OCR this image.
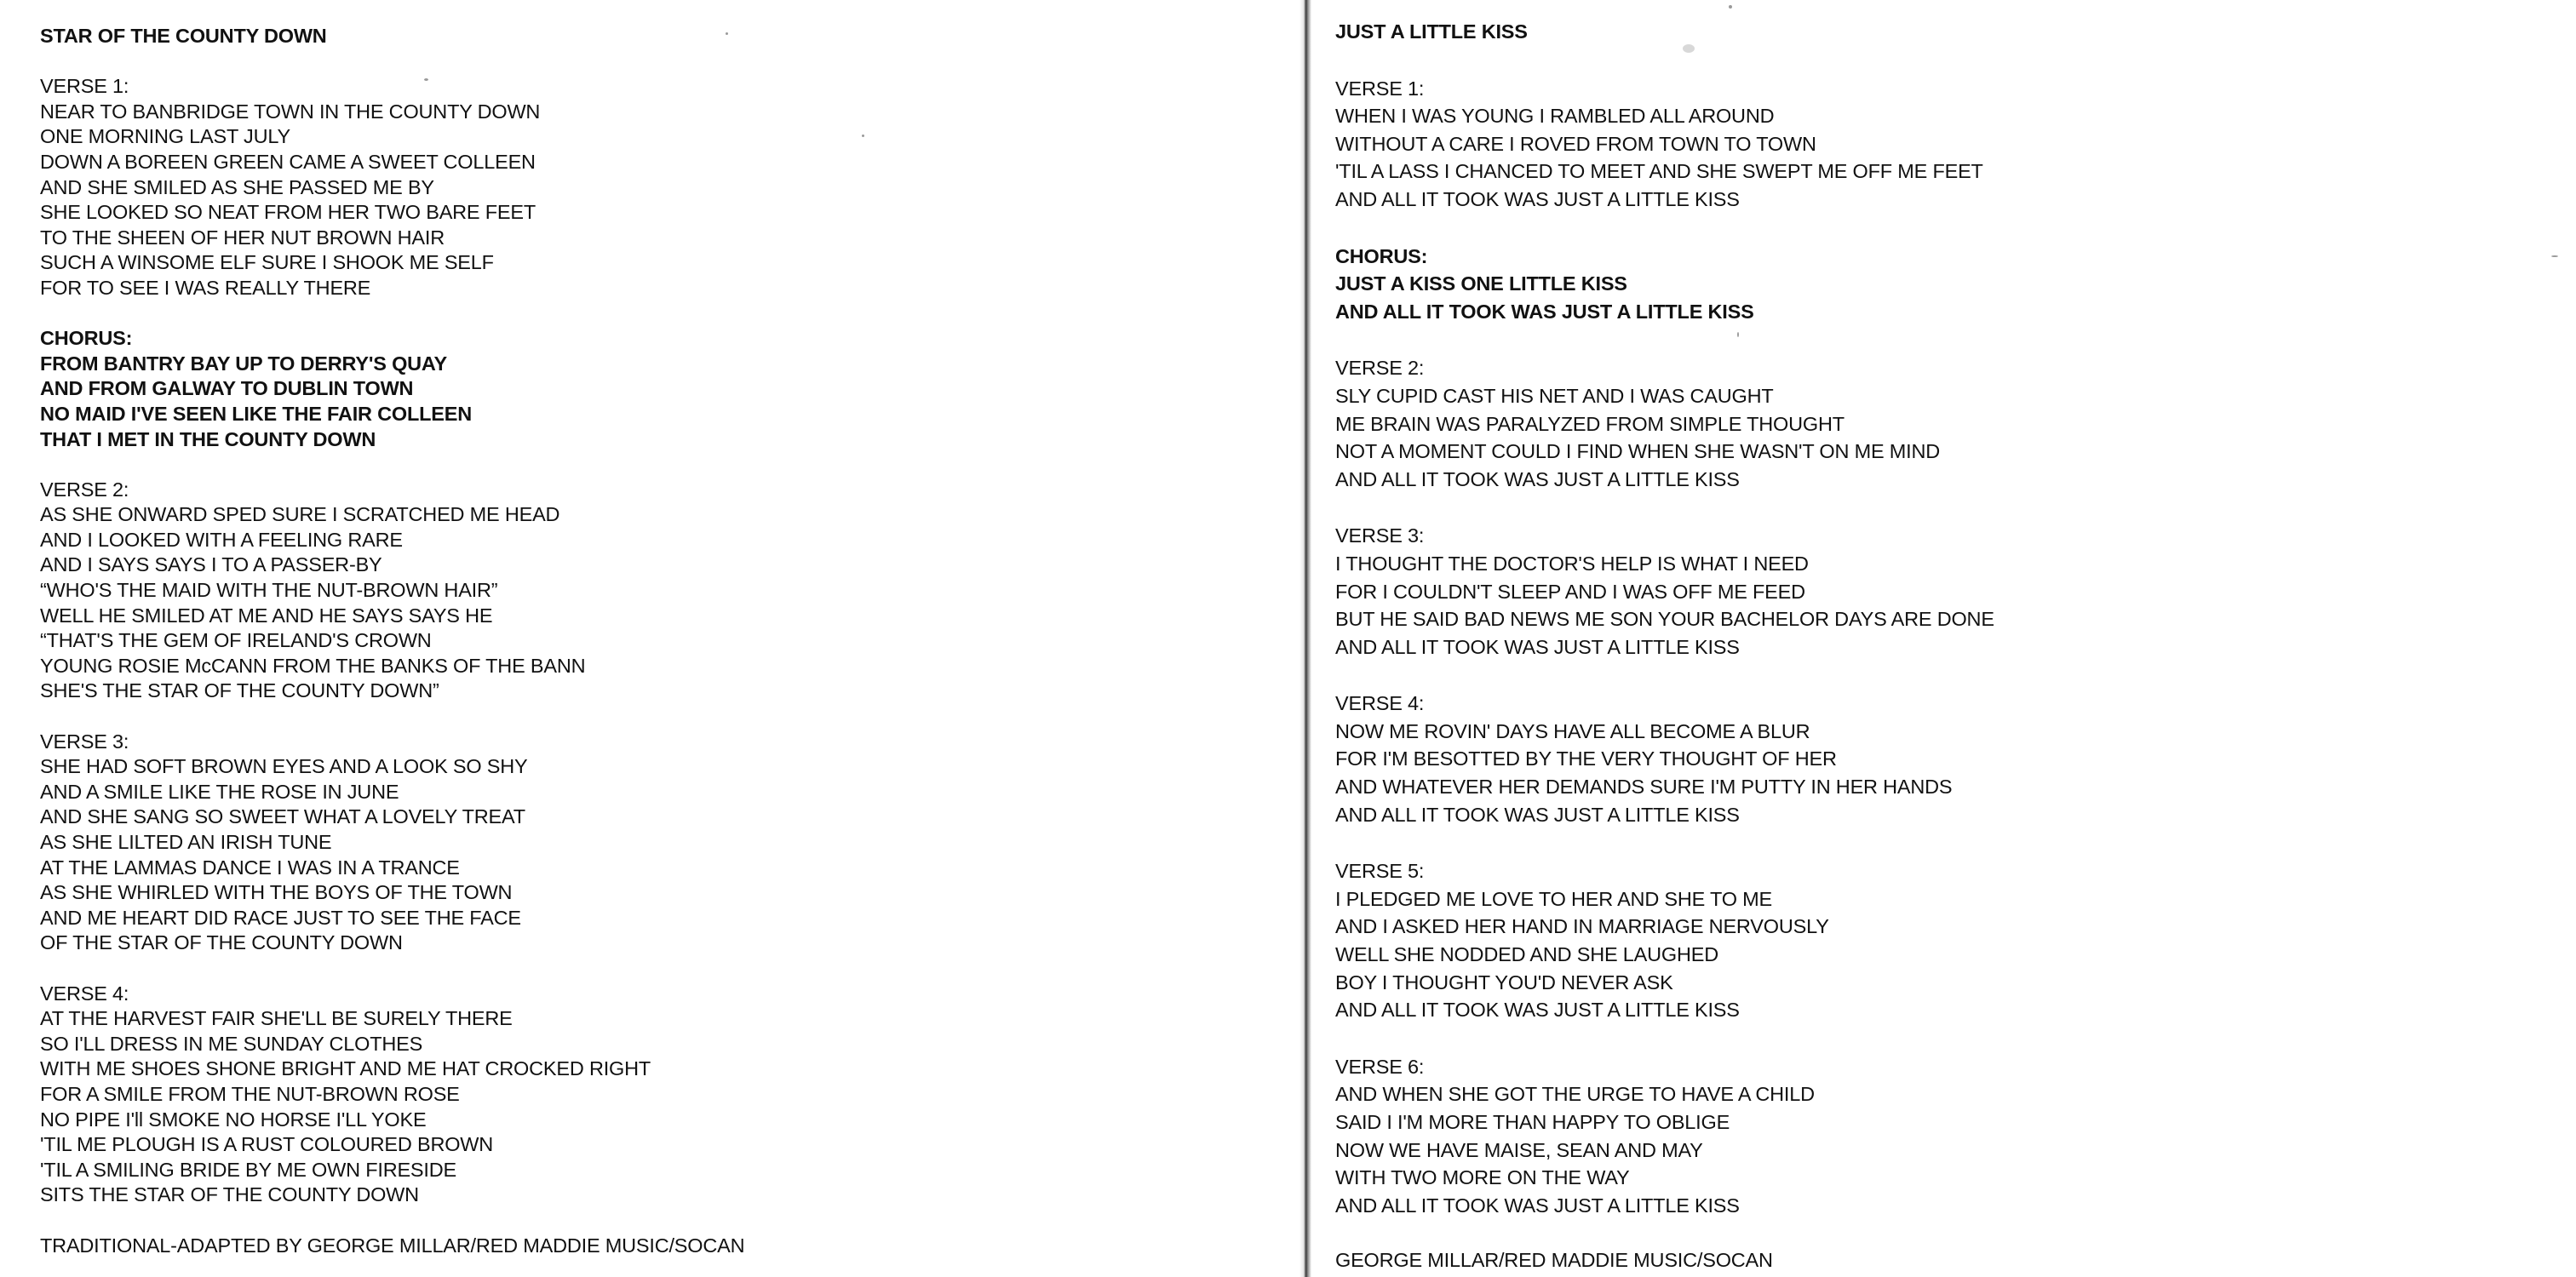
STAR OF THE COUNTY DOWN
VERSE 1:
NEAR TO BANBRIDGE TOWN IN THE COUNTY DOWN
ONE MORNING LAST JULY
DOWN A BOREEN GREEN CAME A SWEET COLLEEN
AND SHE SMILED AS SHE PASSED ME BY
SHE LOOKED SO NEAT FROM HER TWO BARE FEET
TO THE SHEEN OF HER NUT BROWN HAIR
SUCH A WINSOME ELF SURE I SHOOK ME SELF
FOR TO SEE I WAS REALLY THERE
CHORUS:
FROM BANTRY BAY UP TO DERRY'S QUAY
AND FROM GALWAY TO DUBLIN TOWN
NO MAID I'VE SEEN LIKE THE FAIR COLLEEN
THAT I MET IN THE COUNTY DOWN
VERSE 2:
AS SHE ONWARD SPED SURE I SCRATCHED ME HEAD
AND I LOOKED WITH A FEELING RARE
AND I SAYS SAYS I TO A PASSER-BY
“WHO'S THE MAID WITH THE NUT-BROWN HAIR”
WELL HE SMILED AT ME AND HE SAYS SAYS HE
“THAT'S THE GEM OF IRELAND'S CROWN
YOUNG ROSIE McCANN FROM THE BANKS OF THE BANN
SHE'S THE STAR OF THE COUNTY DOWN”
VERSE 3:
SHE HAD SOFT BROWN EYES AND A LOOK SO SHY
AND A SMILE LIKE THE ROSE IN JUNE
AND SHE SANG SO SWEET WHAT A LOVELY TREAT
AS SHE LILTED AN IRISH TUNE
AT THE LAMMAS DANCE I WAS IN A TRANCE
AS SHE WHIRLED WITH THE BOYS OF THE TOWN
AND ME HEART DID RACE JUST TO SEE THE FACE
OF THE STAR OF THE COUNTY DOWN
VERSE 4:
AT THE HARVEST FAIR SHE'LL BE SURELY THERE
SO I'LL DRESS IN ME SUNDAY CLOTHES
WITH ME SHOES SHONE BRIGHT AND ME HAT CROCKED RIGHT
FOR A SMILE FROM THE NUT-BROWN ROSE
NO PIPE I'll SMOKE NO HORSE I'LL YOKE
'TIL ME PLOUGH IS A RUST COLOURED BROWN
'TIL A SMILING BRIDE BY ME OWN FIRESIDE
SITS THE STAR OF THE COUNTY DOWN
TRADITIONAL-ADAPTED BY GEORGE MILLAR/RED MADDIE MUSIC/SOCAN
JUST A LITTLE KISS
VERSE 1:
WHEN I WAS YOUNG I RAMBLED ALL AROUND
WITHOUT A CARE I ROVED FROM TOWN TO TOWN
'TIL A LASS I CHANCED TO MEET AND SHE SWEPT ME OFF ME FEET
AND ALL IT TOOK WAS JUST A LITTLE KISS
CHORUS:
JUST A KISS ONE LITTLE KISS
AND ALL IT TOOK WAS JUST A LITTLE KISS
VERSE 2:
SLY CUPID CAST HIS NET AND I WAS CAUGHT
ME BRAIN WAS PARALYZED FROM SIMPLE THOUGHT
NOT A MOMENT COULD I FIND WHEN SHE WASN'T ON ME MIND
AND ALL IT TOOK WAS JUST A LITTLE KISS
VERSE 3:
I THOUGHT THE DOCTOR'S HELP IS WHAT I NEED
FOR I COULDN'T SLEEP AND I WAS OFF ME FEED
BUT HE SAID BAD NEWS ME SON YOUR BACHELOR DAYS ARE DONE
AND ALL IT TOOK WAS JUST A LITTLE KISS
VERSE 4:
NOW ME ROVIN' DAYS HAVE ALL BECOME A BLUR
FOR I'M BESOTTED BY THE VERY THOUGHT OF HER
AND WHATEVER HER DEMANDS SURE I'M PUTTY IN HER HANDS
AND ALL IT TOOK WAS JUST A LITTLE KISS
VERSE 5:
I PLEDGED ME LOVE TO HER AND SHE TO ME
AND I ASKED HER HAND IN MARRIAGE NERVOUSLY
WELL SHE NODDED AND SHE LAUGHED
BOY I THOUGHT YOU'D NEVER ASK
AND ALL IT TOOK WAS JUST A LITTLE KISS
VERSE 6:
AND WHEN SHE GOT THE URGE TO HAVE A CHILD
SAID I I'M MORE THAN HAPPY TO OBLIGE
NOW WE HAVE MAISE, SEAN AND MAY
WITH TWO MORE ON THE WAY
AND ALL IT TOOK WAS JUST A LITTLE KISS
GEORGE MILLAR/RED MADDIE MUSIC/SOCAN
